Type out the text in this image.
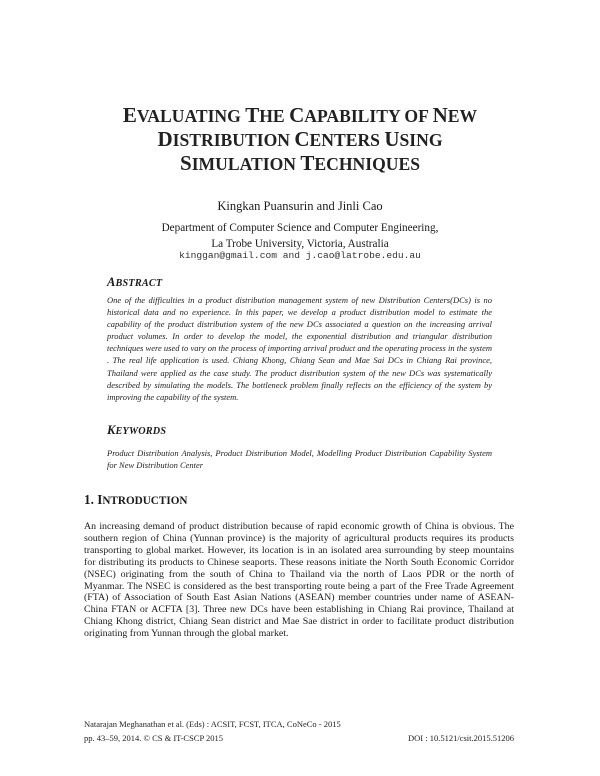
EVALUATING THE CAPABILITY OF NEW
DISTRIBUTION CENTERS USING
SIMULATION TECHNIQUES
Kingkan Puansurin and Jinli Cao
Department of Computer Science and Computer Engineering,
La Trobe University, Victoria, Australia
kinggan@gmail.com and j.cao@latrobe.edu.au
ABSTRACT
One of the difficulties in a product distribution management system of new Distribution Centers(DCs) is no historical data and no experience. In this paper, we develop a product distribution model to estimate the capability of the product distribution system of the new DCs associated a question on the increasing arrival product volumes. In order to develop the model, the exponential distribution and triangular distribution techniques were used to vary on the process of importing arrival product and the operating process in the system . The real life application is used. Chiang Khong, Chiang Sean and Mae Sai DCs in Chiang Rai province, Thailand were applied as the case study. The product distribution system of the new DCs was systematically described by simulating the models. The bottleneck problem finally reflects on the efficiency of the system by improving the capability of the system.
KEYWORDS
Product Distribution Analysis, Product Distribution Model, Modelling Product Distribution Capability System for New Distribution Center
1. INTRODUCTION
An increasing demand of product distribution because of rapid economic growth of China is obvious. The southern region of China (Yunnan province) is the majority of agricultural products requires its products transporting to global market. However, its location is in an isolated area surrounding by steep mountains for distributing its products to Chinese seaports. These reasons initiate the North South Economic Corridor (NSEC) originating from the south of China to Thailand via the north of Laos PDR or the north of Myanmar. The NSEC is considered as the best transporting route being a part of the Free Trade Agreement (FTA) of Association of South East Asian Nations (ASEAN) member countries under name of ASEAN-China FTAN or ACFTA [3]. Three new DCs have been establishing in Chiang Rai province, Thailand at Chiang Khong district, Chiang Sean district and Mae Sae district in order to facilitate product distribution originating from Yunnan through the global market.
Natarajan Meghanathan et al. (Eds) : ACSIT, FCST, ITCA, CoNeCo - 2015
pp. 43–59, 2014. © CS & IT-CSCP 2015	DOI : 10.5121/csit.2015.51206
